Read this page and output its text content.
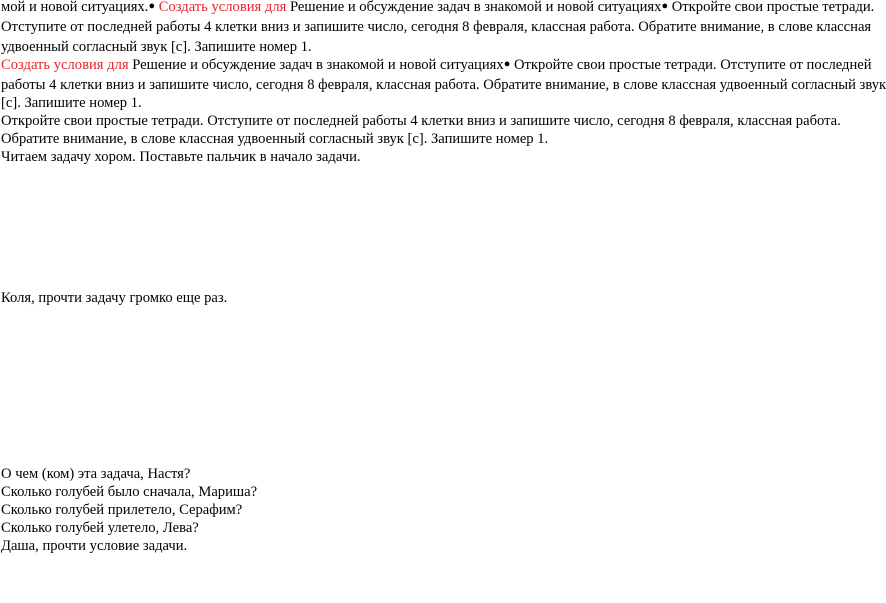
мой и новой ситуациях.● Создать условия для Решение и обсуждение задач в знакомой и новой ситуациях● Откройте свои простые тетради.
Отступите от последней работы 4 клетки вниз и запишите число, сегодня 8 февраля, классная работа. Обратите внимание, в слове классная
удвоенный согласный звук [с]. Запишите номер 1.
Создать условия для Решение и обсуждение задач в знакомой и новой ситуациях● Откройте свои простые тетради. Отступите от последней
работы 4 клетки вниз и запишите число, сегодня 8 февраля, классная работа. Обратите внимание, в слове классная удвоенный согласный звук
[с]. Запишите номер 1.
Откройте свои простые тетради. Отступите от последней работы 4 клетки вниз и запишите число, сегодня 8 февраля, классная работа.
Обратите внимание, в слове классная удвоенный согласный звук [с]. Запишите номер 1.
Читаем задачу хором. Поставьте пальчик в начало задачи.
Коля, прочти задачу громко еще раз.
О чем (ком) эта задача, Настя?
Сколько голубей было сначала, Мариша?
Сколько голубей прилетело, Серафим?
Сколько голубей улетело, Лева?
Даша, прочти условие задачи.
